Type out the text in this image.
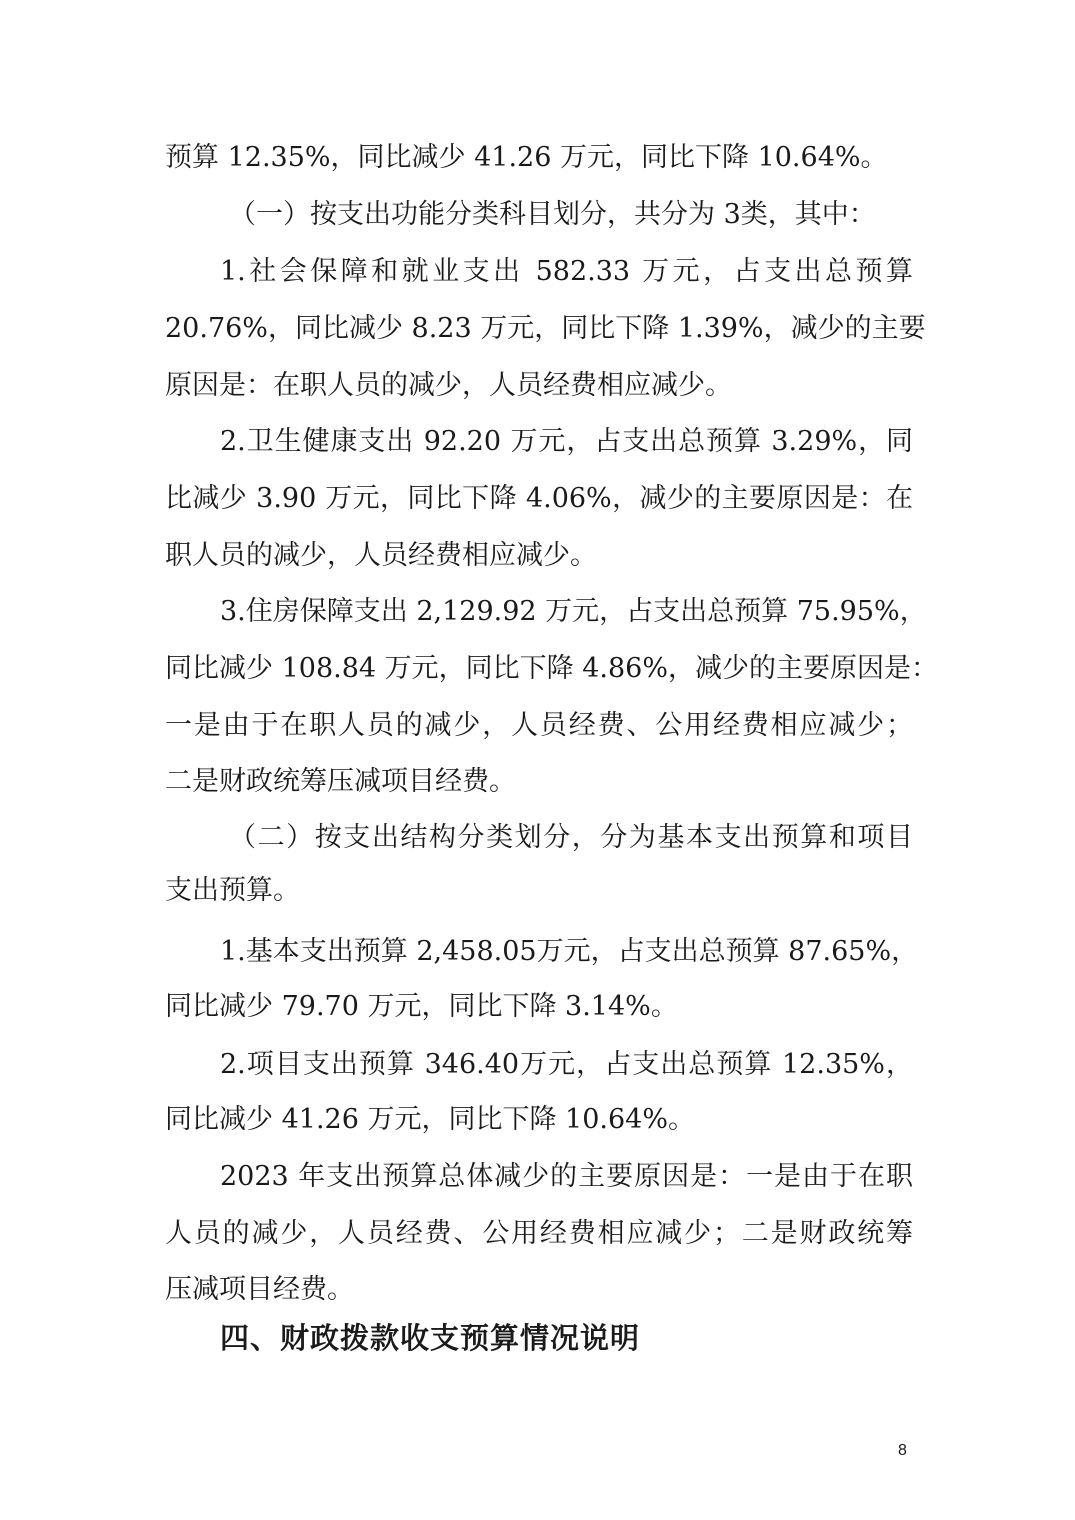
预算 12.35%，同比减少 41.26 万元，同比下降 10.64%。
（一）按支出功能分类科目划分，共分为 3类，其中：
1.社会保障和就业支出 582.33 万元，占支出总预算
20.76%，同比减少 8.23 万元，同比下降 1.39%，减少的主要
原因是：在职人员的减少，人员经费相应减少。
2.卫生健康支出 92.20 万元，占支出总预算 3.29%，同
比减少 3.90 万元，同比下降 4.06%，减少的主要原因是：在
职人员的减少，人员经费相应减少。
3.住房保障支出 2,129.92 万元，占支出总预算 75.95%，
同比减少 108.84 万元，同比下降 4.86%，减少的主要原因是：
一是由于在职人员的减少，人员经费、公用经费相应减少；
二是财政统筹压减项目经费。
（二）按支出结构分类划分，分为基本支出预算和项目
支出预算。
1.基本支出预算 2,458.05万元，占支出总预算 87.65%，
同比减少 79.70 万元，同比下降 3.14%。
2.项目支出预算 346.40万元，占支出总预算 12.35%，
同比减少 41.26 万元，同比下降 10.64%。
2023 年支出预算总体减少的主要原因是：一是由于在职
人员的减少，人员经费、公用经费相应减少；二是财政统筹
压减项目经费。
四、财政拨款收支预算情况说明
8
